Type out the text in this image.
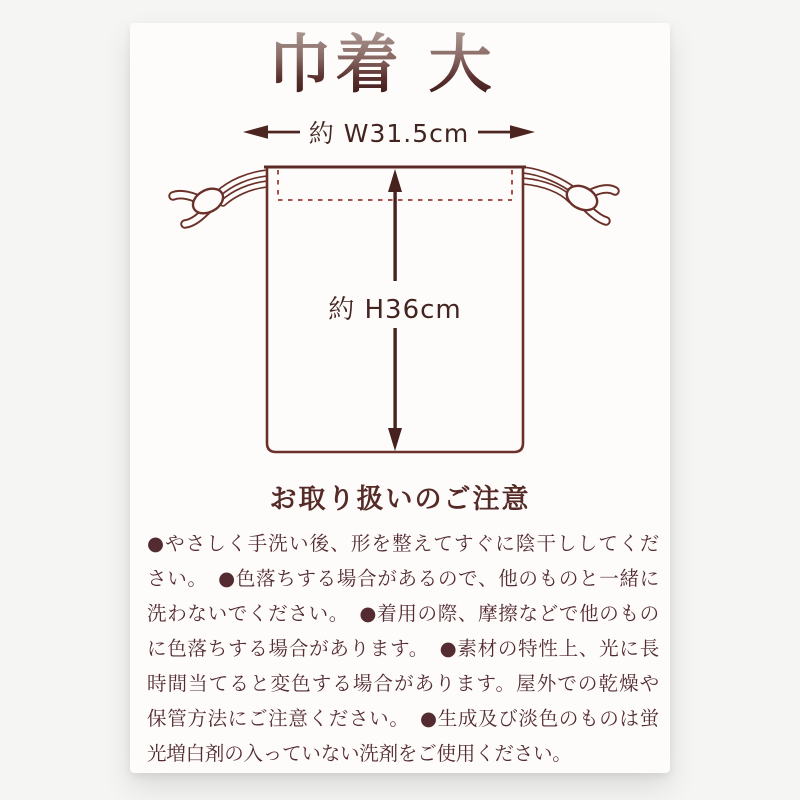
巾着 大
約 W31.5cm
約 H36cm
お取り扱いのご注意
●やさしく手洗い後、形を整えてすぐに陰干ししてくだ
さい。　●色落ちする場合があるので、他のものと一緒に
洗わないでください。　●着用の際、摩擦などで他のもの
に色落ちする場合があります。　●素材の特性上、光に長
時間当てると変色する場合があります。屋外での乾燥や
保管方法にご注意ください。　●生成及び淡色のものは蛍
光増白剤の入っていない洗剤をご使用ください。
